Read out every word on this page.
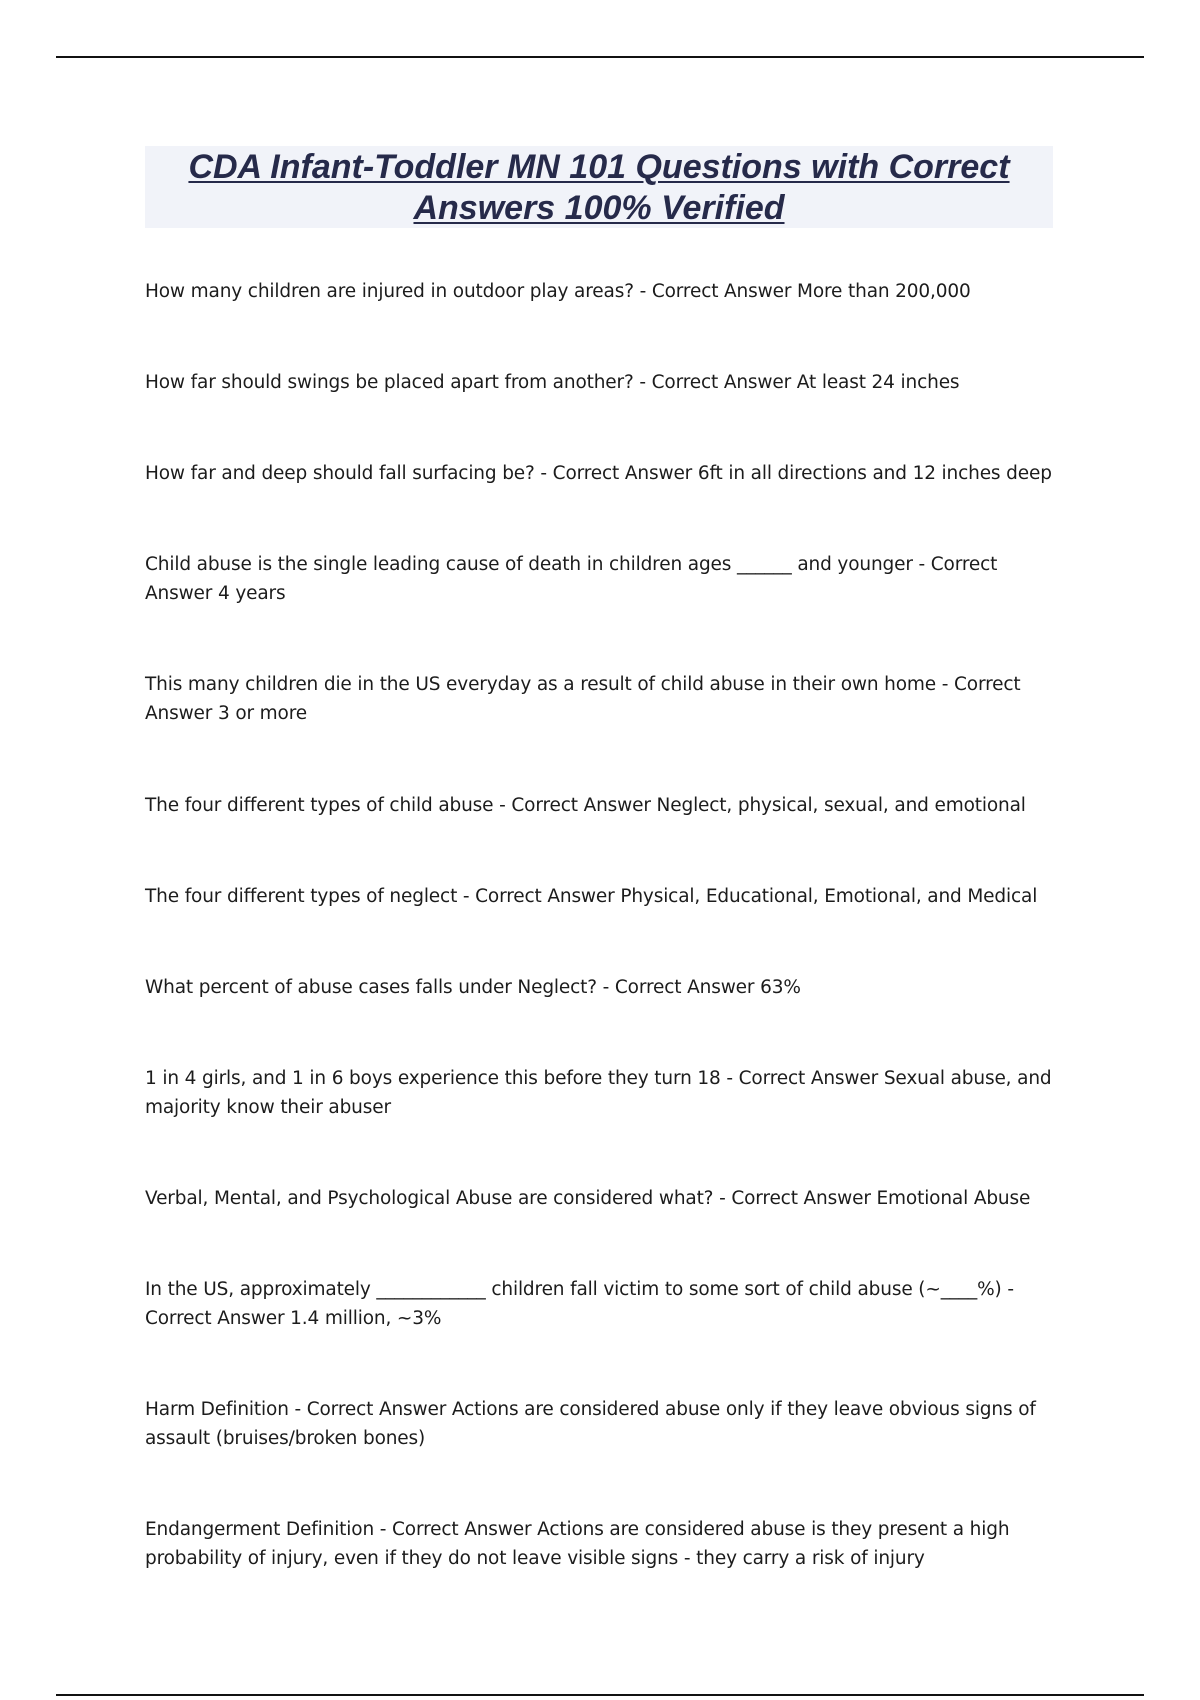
CDA Infant-Toddler MN 101 Questions with Correct Answers 100% Verified

How many children are injured in outdoor play areas? - Correct Answer More than 200,000

How far should swings be placed apart from another? - Correct Answer At least 24 inches

How far and deep should fall surfacing be? - Correct Answer 6ft in all directions and 12 inches deep

Child abuse is the single leading cause of death in children ages ______ and younger - Correct Answer 4 years

This many children die in the US everyday as a result of child abuse in their own home - Correct Answer 3 or more

The four different types of child abuse - Correct Answer Neglect, physical, sexual, and emotional

The four different types of neglect - Correct Answer Physical, Educational, Emotional, and Medical

What percent of abuse cases falls under Neglect? - Correct Answer 63%

1 in 4 girls, and 1 in 6 boys experience this before they turn 18 - Correct Answer Sexual abuse, and majority know their abuser

Verbal, Mental, and Psychological Abuse are considered what? - Correct Answer Emotional Abuse

In the US, approximately ____________ children fall victim to some sort of child abuse (~____%) - Correct Answer 1.4 million, ~3%

Harm Definition - Correct Answer Actions are considered abuse only if they leave obvious signs of assault (bruises/broken bones)

Endangerment Definition - Correct Answer Actions are considered abuse is they present a high probability of injury, even if they do not leave visible signs - they carry a risk of injury
